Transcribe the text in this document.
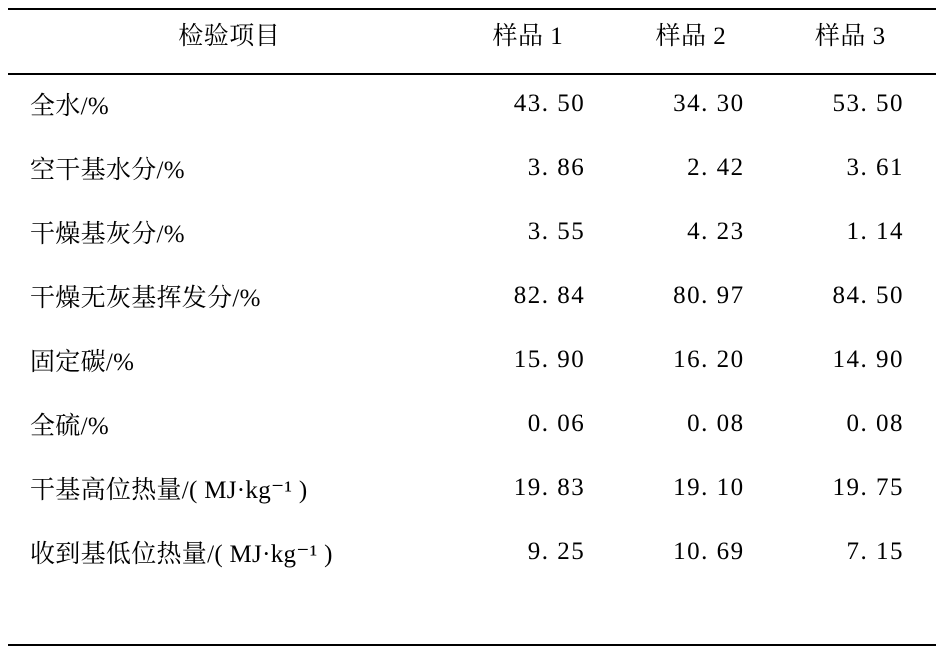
检验项目	样品 1	样品 2	样品 3

全水/%	43. 50	34. 30	53. 50
空干基水分/%	3. 86	2. 42	3. 61
干燥基灰分/%	3. 55	4. 23	1. 14
干燥无灰基挥发分/%	82. 84	80. 97	84. 50
固定碳/%	15. 90	16. 20	14. 90
全硫/%	0. 06	0. 08	0. 08
干基高位热量/( MJ·kg⁻¹ )	19. 83	19. 10	19. 75
收到基低位热量/( MJ·kg⁻¹ )	9. 25	10. 69	7. 15
